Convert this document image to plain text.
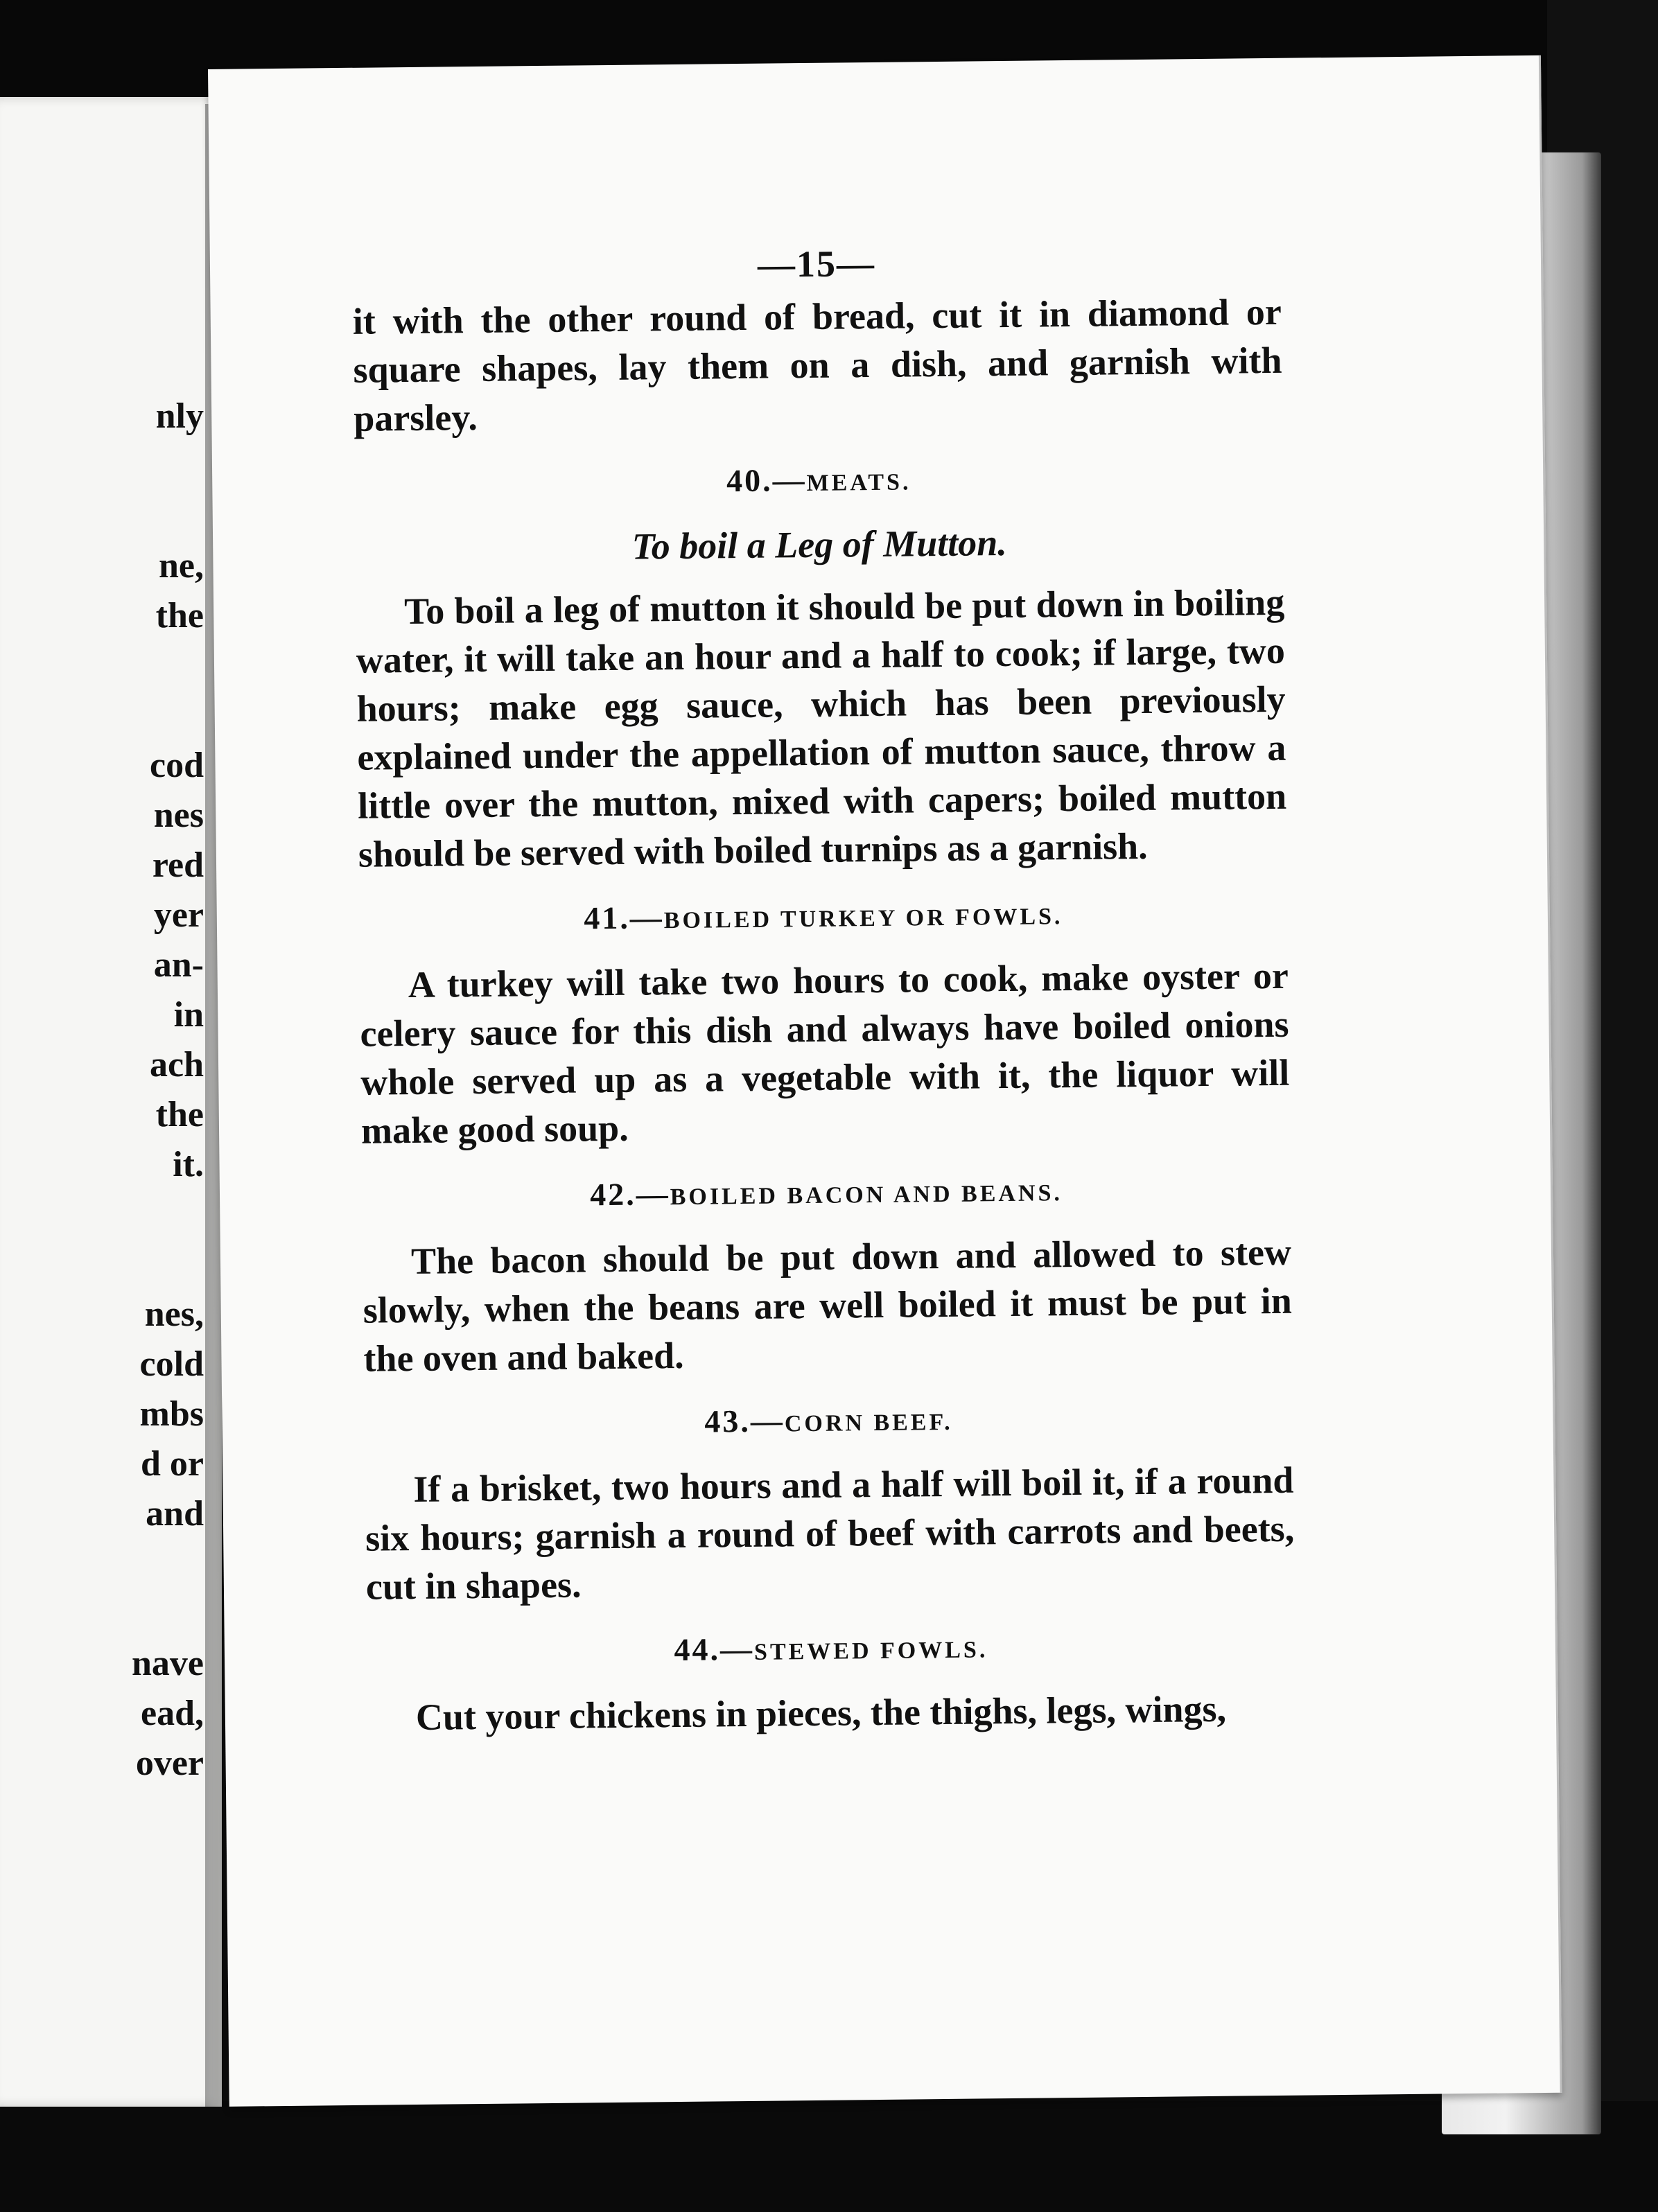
nly

ne,
the

cod
nes
red
yer
an-
in
ach
the
it.

nes,
cold
mbs
d or
and

nave
ead,
over
—15—

it with the other round of bread, cut it in diamond or square shapes, lay them on a dish, and garnish with parsley.

40.—MEATS.
To boil a Leg of Mutton.

To boil a leg of mutton it should be put down in boiling water, it will take an hour and a half to cook; if large, two hours; make egg sauce, which has been previously explained under the appellation of mutton sauce, throw a little over the mutton, mixed with capers; boiled mutton should be served with boiled turnips as a garnish.

41.—BOILED TURKEY OR FOWLS.

A turkey will take two hours to cook, make oyster or celery sauce for this dish and always have boiled onions whole served up as a vegetable with it, the liquor will make good soup.

42.—BOILED BACON AND BEANS.

The bacon should be put down and allowed to stew slowly, when the beans are well boiled it must be put in the oven and baked.

43.—CORN BEEF.

If a brisket, two hours and a half will boil it, if a round six hours; garnish a round of beef with carrots and beets, cut in shapes.

44.—STEWED FOWLS.

Cut your chickens in pieces, the thighs, legs, wings,
